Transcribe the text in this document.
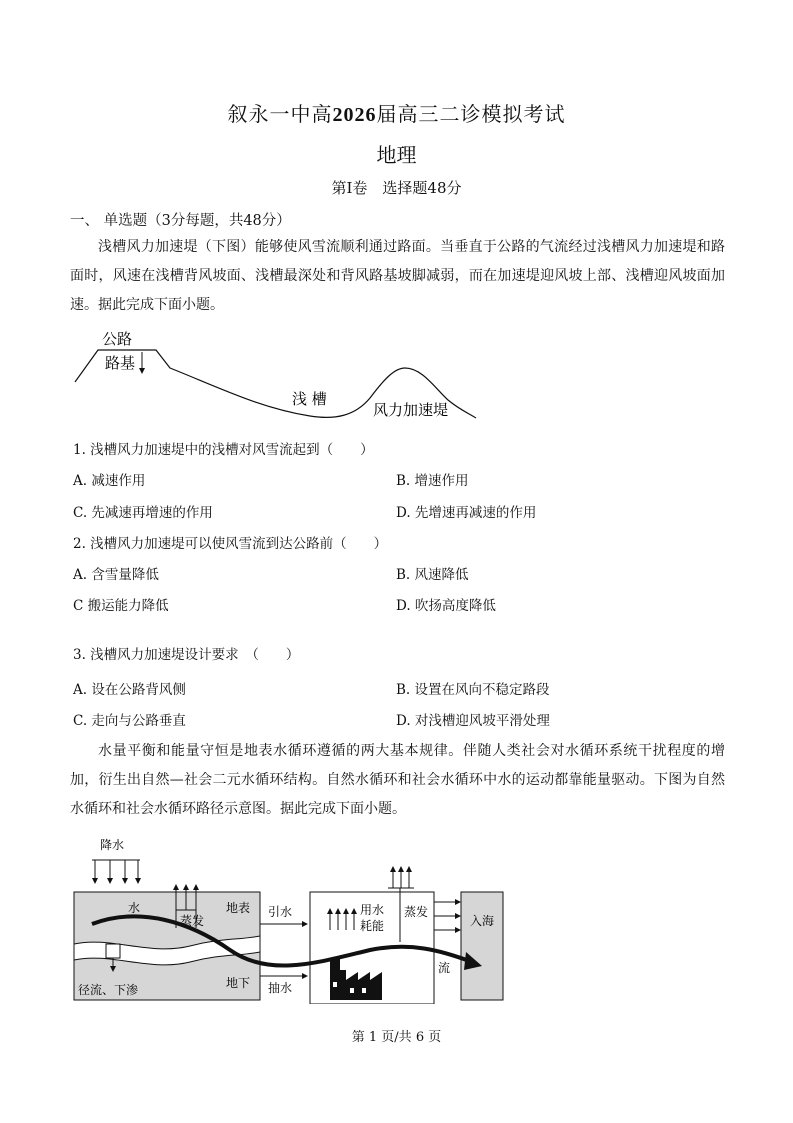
叙永一中高2026届高三二诊模拟考试
地理
第Ⅰ卷　选择题48分
一、 单选题（3分每题，共48分）
浅槽风力加速堤（下图）能够使风雪流顺利通过路面。当垂直于公路的气流经过浅槽风力加速堤和路面时，风速在浅槽背风坡面、浅槽最深处和背风路基坡脚减弱，而在加速堤迎风坡上部、浅槽迎风坡面加速。据此完成下面小题。
公路
路基
浅 槽
风力加速堤
1. 浅槽风力加速堤中的浅槽对风雪流起到（　　）
A. 减速作用	B. 增速作用
C. 先减速再增速的作用	D. 先增速再减速的作用
2. 浅槽风力加速堤可以使风雪流到达公路前（　　）
A. 含雪量降低	B. 风速降低
C 搬运能力降低	D. 吹扬高度降低
3. 浅槽风力加速堤设计要求　（　　）
A. 设在公路背风侧	B. 设置在风向不稳定路段
C. 走向与公路垂直	D. 对浅槽迎风坡平滑处理
水量平衡和能量守恒是地表水循环遵循的两大基本规律。伴随人类社会对水循环系统干扰程度的增加，衍生出自然—社会二元水循环结构。自然水循环和社会水循环中水的运动都靠能量驱动。下图为自然水循环和社会水循环路径示意图。据此完成下面小题。
降水
水
蒸发
地表
径流、下渗	地下
引水
抽水
用水
耗能
蒸发
入海
流
第 1 页/共 6 页
